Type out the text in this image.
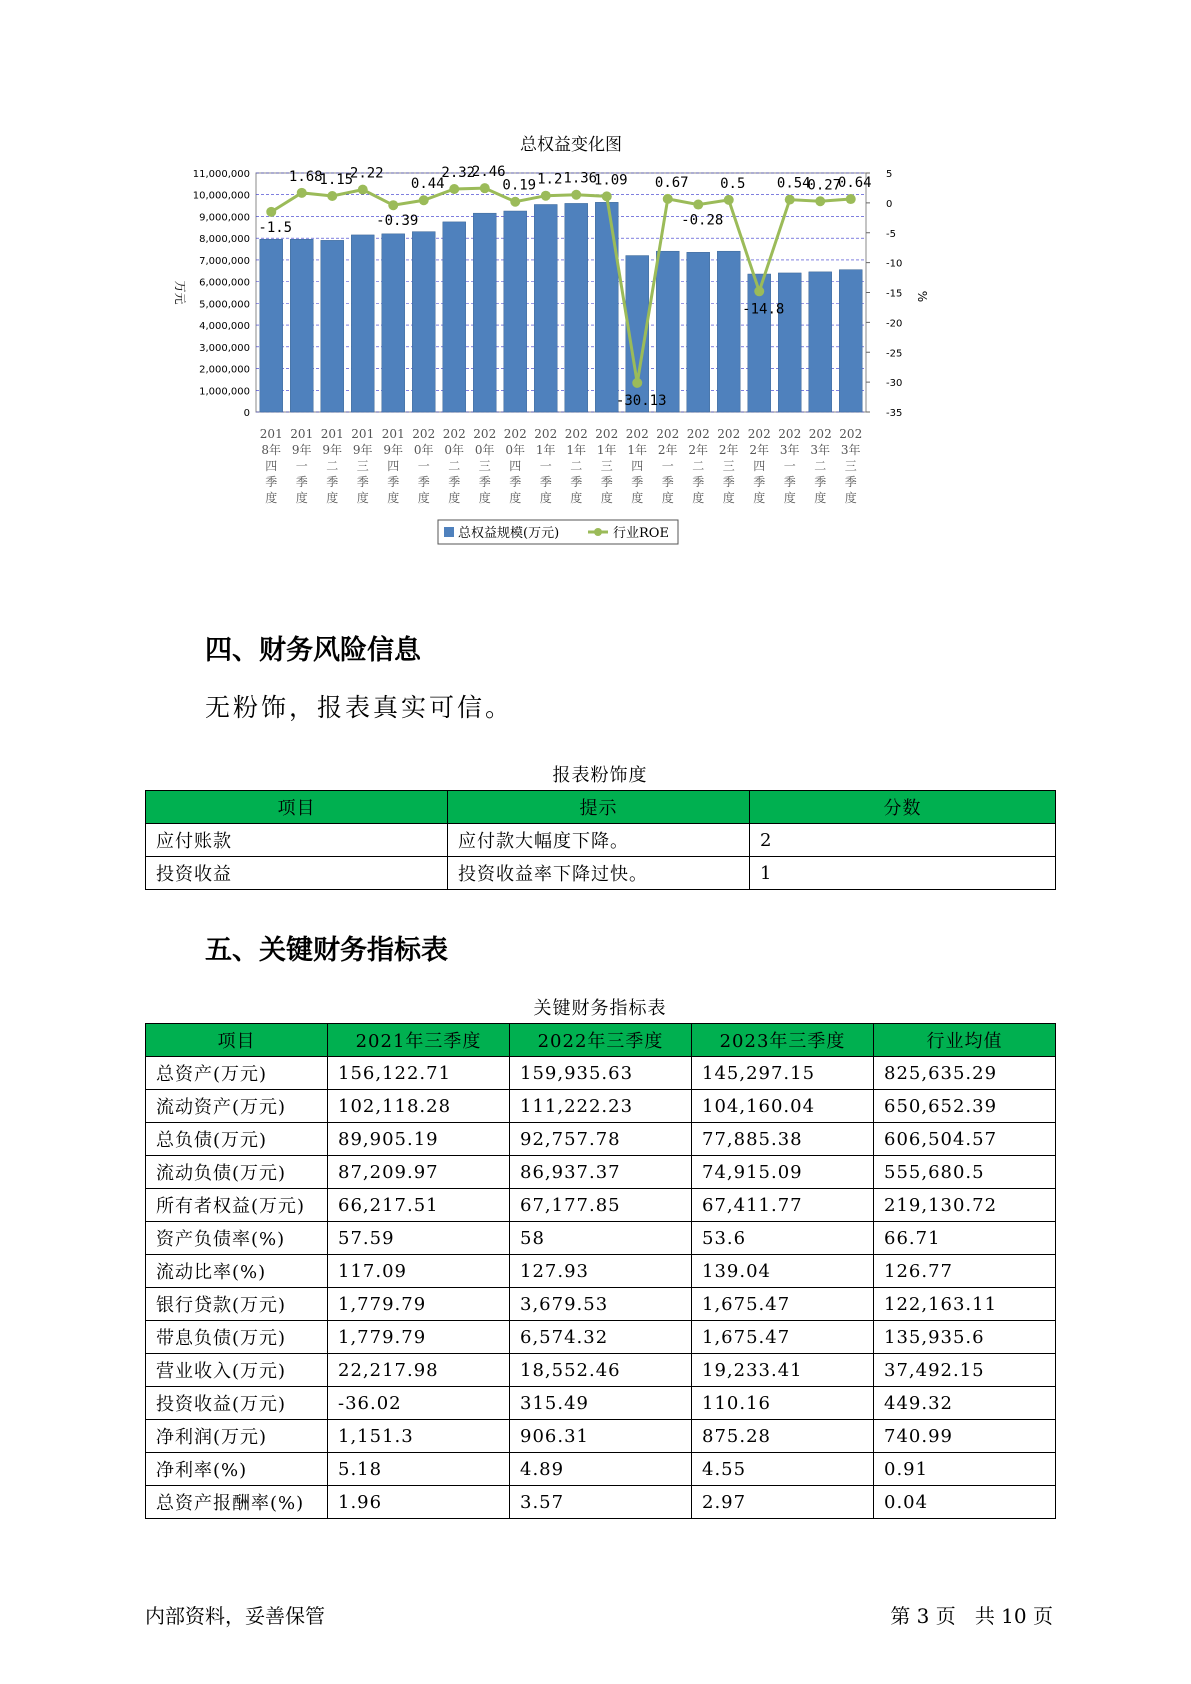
总权益变化图
11,000,000
10,000,000
9,000,000
8,000,000
7,000,000
6,000,000
5,000,000
4,000,000
3,000,000
2,000,000
1,000,000
0
5
0
-5
-10
-15
-20
-25
-30
-35
万元	%
201
8年
四
季
度
201
9年
一
季
度
201
9年
二
季
度
201
9年
三
季
度
201
9年
四
季
度
202
0年
一
季
度
202
0年
二
季
度
202
0年
三
季
度
202
0年
四
季
度
202
1年
一
季
度
202
1年
二
季
度
202
1年
三
季
度
202
1年
四
季
度
202
2年
一
季
度
202
2年
二
季
度
202
2年
三
季
度
202
2年
四
季
度
202
3年
一
季
度
202
3年
二
季
度
202
3年
三
季
度
-1.5
1.68
1.15
2.22
-0.39
0.44
2.32
2.46
0.19 1.2 1.36
1.09
-30.13
0.67
-0.28
0.5
-14.8
0.54
0.27
0.64
总权益规模(万元)	行业ROE
四、财务风险信息

无粉饰，报表真实可信。

报表粉饰度
项目	提示	分数
应付账款	应付款大幅度下降。	2
投资收益	投资收益率下降过快。	1
五、关键财务指标表
关键财务指标表
项目	2021年三季度	2022年三季度	2023年三季度	行业均值
总资产(万元)	156,122.71	159,935.63	145,297.15	825,635.29
流动资产(万元)	102,118.28	111,222.23	104,160.04	650,652.39
总负债(万元)	89,905.19	92,757.78	77,885.38	606,504.57
流动负债(万元)	87,209.97	86,937.37	74,915.09	555,680.5
所有者权益(万元)	66,217.51	67,177.85	67,411.77	219,130.72
资产负债率(%)	57.59	58	53.6	66.71
流动比率(%)	117.09	127.93	139.04	126.77
银行贷款(万元)	1,779.79	3,679.53	1,675.47	122,163.11
带息负债(万元)	1,779.79	6,574.32	1,675.47	135,935.6
营业收入(万元)	22,217.98	18,552.46	19,233.41	37,492.15
投资收益(万元)	-36.02	315.49	110.16	449.32
净利润(万元)	1,151.3	906.31	875.28	740.99
净利率(%)	5.18	4.89	4.55	0.91
总资产报酬率(%)	1.96	3.57	2.97	0.04
内部资料，妥善保管	第 3 页   共 10 页
